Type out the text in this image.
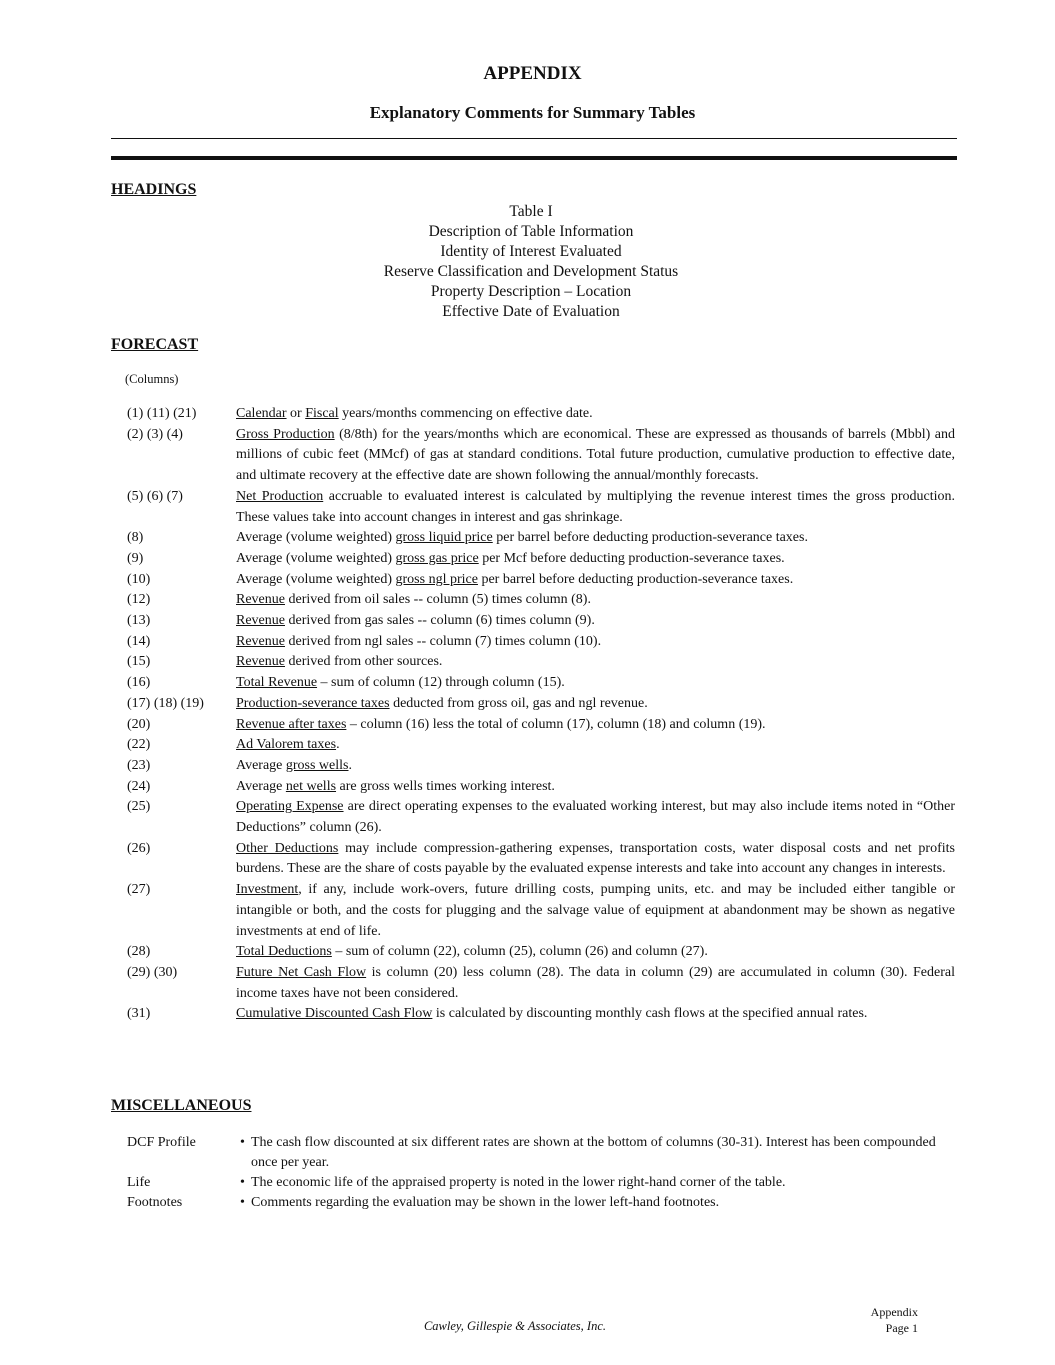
APPENDIX
Explanatory Comments for Summary Tables
HEADINGS
Table I
Description of Table Information
Identity of Interest Evaluated
Reserve Classification and Development Status
Property Description – Location
Effective Date of Evaluation
FORECAST
(Columns)
(1) (11) (21)	Calendar or Fiscal years/months commencing on effective date.
(2) (3) (4)	Gross Production (8/8th) for the years/months which are economical. These are expressed as thousands of barrels (Mbbl) and millions of cubic feet (MMcf) of gas at standard conditions. Total future production, cumulative production to effective date, and ultimate recovery at the effective date are shown following the annual/monthly forecasts.
(5) (6) (7)	Net Production accruable to evaluated interest is calculated by multiplying the revenue interest times the gross production. These values take into account changes in interest and gas shrinkage.
(8)	Average (volume weighted) gross liquid price per barrel before deducting production-severance taxes.
(9)	Average (volume weighted) gross gas price per Mcf before deducting production-severance taxes.
(10)	Average (volume weighted) gross ngl price per barrel before deducting production-severance taxes.
(12)	Revenue derived from oil sales -- column (5) times column (8).
(13)	Revenue derived from gas sales -- column (6) times column (9).
(14)	Revenue derived from ngl sales -- column (7) times column (10).
(15)	Revenue derived from other sources.
(16)	Total Revenue – sum of column (12) through column (15).
(17) (18) (19)	Production-severance taxes deducted from gross oil, gas and ngl revenue.
(20)	Revenue after taxes – column (16) less the total of column (17), column (18) and column (19).
(22)	Ad Valorem taxes.
(23)	Average gross wells.
(24)	Average net wells are gross wells times working interest.
(25)	Operating Expense are direct operating expenses to the evaluated working interest, but may also include items noted in “Other Deductions” column (26).
(26)	Other Deductions may include compression-gathering expenses, transportation costs, water disposal costs and net profits burdens. These are the share of costs payable by the evaluated expense interests and take into account any changes in interests.
(27)	Investment, if any, include work-overs, future drilling costs, pumping units, etc. and may be included either tangible or intangible or both, and the costs for plugging and the salvage value of equipment at abandonment may be shown as negative investments at end of life.
(28)	Total Deductions – sum of column (22), column (25), column (26) and column (27).
(29) (30)	Future Net Cash Flow is column (20) less column (28). The data in column (29) are accumulated in column (30). Federal income taxes have not been considered.
(31)	Cumulative Discounted Cash Flow is calculated by discounting monthly cash flows at the specified annual rates.
MISCELLANEOUS
DCF Profile	• The cash flow discounted at six different rates are shown at the bottom of columns (30-31). Interest has been compounded once per year.
Life	• The economic life of the appraised property is noted in the lower right-hand corner of the table.
Footnotes	• Comments regarding the evaluation may be shown in the lower left-hand footnotes.
Cawley, Gillespie & Associates, Inc.
Appendix
Page 1
